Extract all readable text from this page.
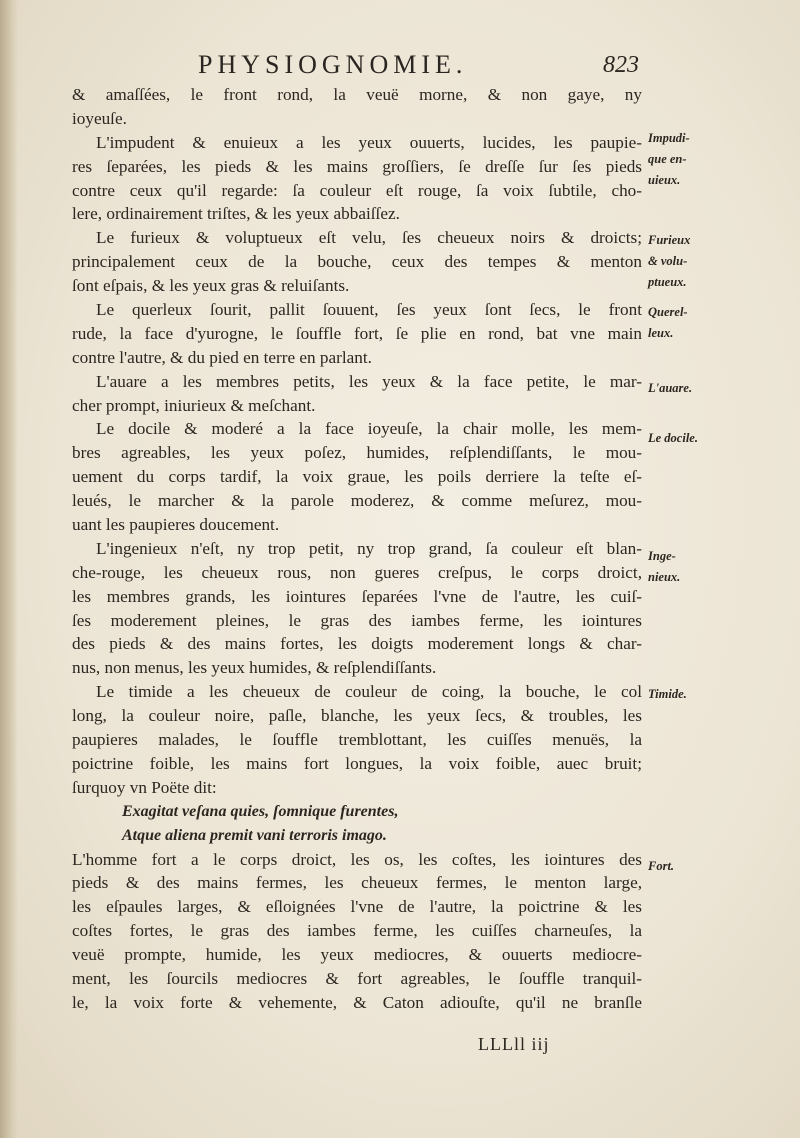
PHYSIOGNOMIE.	823
& amaſſées, le front rond, la veuë morne, & non gaye, ny
ioyeuſe.
L'impudent & enuieux a les yeux ouuerts, lucides, les paupie-
res ſeparées, les pieds & les mains groſſiers, ſe dreſſe ſur ſes pieds
contre ceux qu'il regarde: ſa couleur eſt rouge, ſa voix ſubtile, cho-
lere, ordinairement triſtes, & les yeux abbaiſſez.
Le furieux & voluptueux eſt velu, ſes cheueux noirs & droicts;
principalement ceux de la bouche, ceux des tempes & menton
ſont eſpais, & les yeux gras & reluiſants.
Le querleux ſourit, pallit ſouuent, ſes yeux ſont ſecs, le front
rude, la face d'yurogne, le ſouffle fort, ſe plie en rond, bat vne main
contre l'autre, & du pied en terre en parlant.
L'auare a les membres petits, les yeux & la face petite, le mar-
cher prompt, iniurieux & meſchant.
Le docile & moderé a la face ioyeuſe, la chair molle, les mem-
bres agreables, les yeux poſez, humides, reſplendiſſants, le mou-
uement du corps tardif, la voix graue, les poils derriere la teſte eſ-
leués, le marcher & la parole moderez, & comme meſurez, mou-
uant les paupieres doucement.
L'ingenieux n'eſt, ny trop petit, ny trop grand, ſa couleur eſt blan-
che-rouge, les cheueux rous, non gueres creſpus, le corps droict,
les membres grands, les iointures ſeparées l'vne de l'autre, les cuiſ-
ſes moderement pleines, le gras des iambes ferme, les iointures
des pieds & des mains fortes, les doigts moderement longs & char-
nus, non menus, les yeux humides, & reſplendiſſants.
Le timide a les cheueux de couleur de coing, la bouche, le col
long, la couleur noire, paſle, blanche, les yeux ſecs, & troubles, les
paupieres malades, le ſouffle tremblottant, les cuiſſes menuës, la
poictrine foible, les mains fort longues, la voix foible, auec bruit;
ſurquoy vn Poëte dit:
Exagitat veſana quies, ſomnique furentes,
Atque aliena premit vani terroris imago.
L'homme fort a le corps droict, les os, les coſtes, les iointures des
pieds & des mains fermes, les cheueux fermes, le menton large,
les eſpaules larges, & eſloignées l'vne de l'autre, la poictrine & les
coſtes fortes, le gras des iambes ferme, les cuiſſes charneuſes, la
veuë prompte, humide, les yeux mediocres, & ouuerts mediocre-
ment, les ſourcils mediocres & fort agreables, le ſouffle tranquil-
le, la voix forte & vehemente, & Caton adiouſte, qu'il ne branſle
Impudi-
que en-
uieux.
Furieux
& volu-
ptueux.
Querel-
leux.
L'auare.
Le docile.
Inge-
nieux.
Timide.
Fort.
LLLll iij
